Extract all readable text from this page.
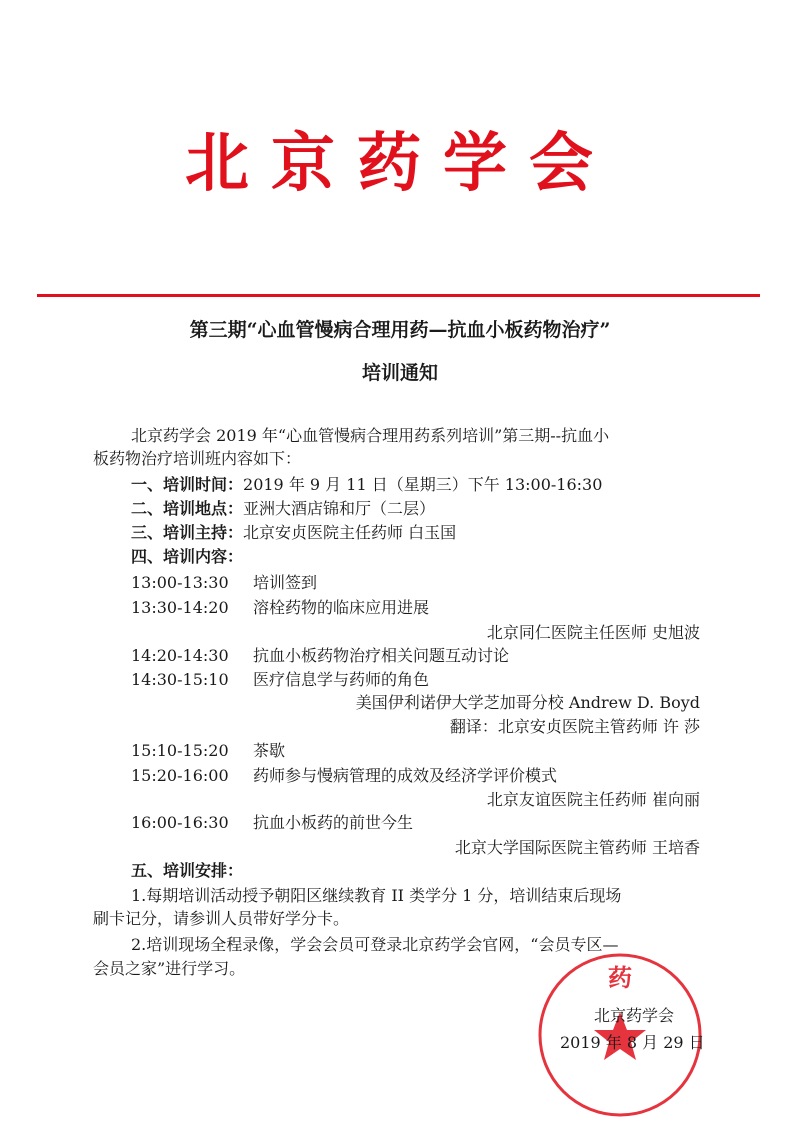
北京药学会
第三期“心血管慢病合理用药—抗血小板药物治疗”
培训通知
北京药学会 2019 年“心血管慢病合理用药系列培训”第三期--抗血小
板药物治疗培训班内容如下：
一、培训时间：2019 年 9 月 11 日（星期三）下午 13:00-16:30
二、培训地点：亚洲大酒店锦和厅（二层）
三、培训主持：北京安贞医院主任药师 白玉国
四、培训内容：
13:00-13:30 培训签到
13:30-14:20 溶栓药物的临床应用进展
北京同仁医院主任医师 史旭波
14:20-14:30 抗血小板药物治疗相关问题互动讨论
14:30-15:10 医疗信息学与药师的角色
美国伊利诺伊大学芝加哥分校 Andrew D. Boyd
翻译：北京安贞医院主管药师 许 莎
15:10-15:20 茶歇
15:20-16:00 药师参与慢病管理的成效及经济学评价模式
北京友谊医院主任药师 崔向丽
16:00-16:30 抗血小板药的前世今生
北京大学国际医院主管药师 王培香
五、培训安排：
1.每期培训活动授予朝阳区继续教育 II 类学分 1 分，培训结束后现场
刷卡记分，请参训人员带好学分卡。
2.培训现场全程录像，学会会员可登录北京药学会官网，“会员专区—
会员之家”进行学习。	药
北京药学会
2019 年 8 月 29 日
